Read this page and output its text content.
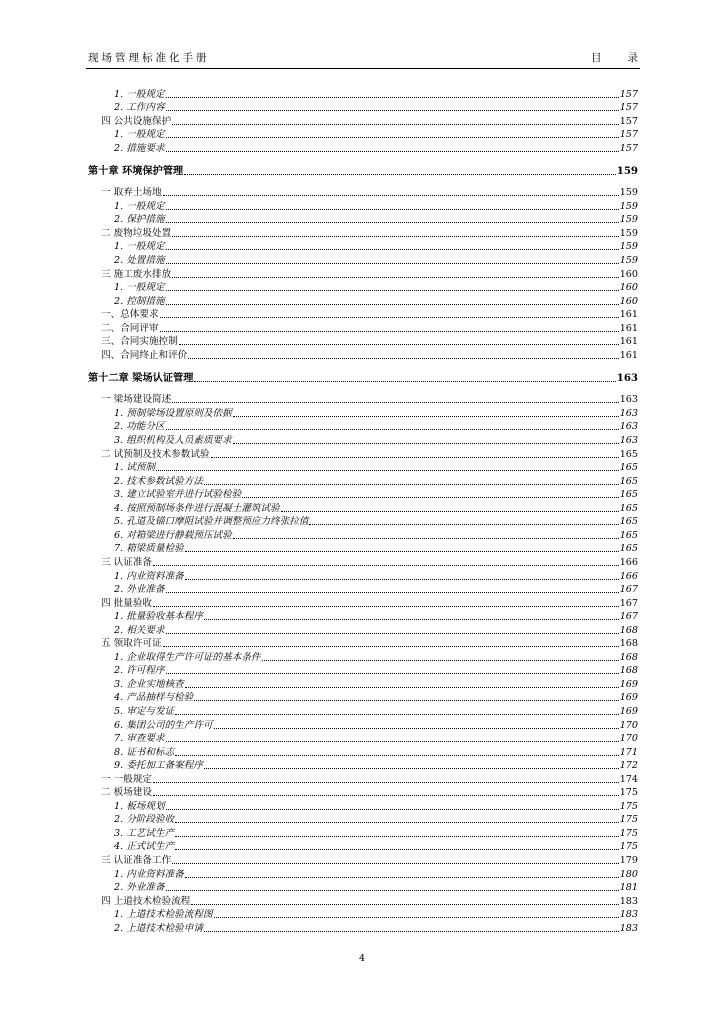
现场管理标准化手册	目 录
1. 一般规定	157
2. 工作内容	157
四 公共设施保护	157
1. 一般规定	157
2. 措施要求	157
第十章 环境保护管理	159
一 取弃土场地	159
1. 一般规定	159
2. 保护措施	159
二 废物垃圾处置	159
1. 一般规定	159
2. 处置措施	159
三 施工废水排放	160
1. 一般规定	160
2. 控制措施	160
一、总体要求	161
二、合同评审	161
三、合同实施控制	161
四、合同终止和评价	161
第十二章 梁场认证管理	163
一 梁场建设简述	163
1. 预制梁场设置原则及依据	163
2. 功能分区	163
3. 组织机构及人员素质要求	163
二 试预制及技术参数试验	165
1. 试预制	165
2. 技术参数试验方法	165
3. 建立试验室并进行试验检验	165
4. 按照预制场条件进行混凝土灌筑试验	165
5. 孔道及锚口摩阻试验并调整预应力终张拉值	165
6. 对箱梁进行静载预压试验	165
7. 箱梁质量检验	165
三 认证准备	166
1. 内业资料准备	166
2. 外业准备	167
四 批量验收	167
1. 批量验收基本程序	167
2. 相关要求	168
五 领取许可证	168
1. 企业取得生产许可证的基本条件	168
2. 许可程序	168
3. 企业实地核查	169
4. 产品抽样与检验	169
5. 审定与发证	169
6. 集团公司的生产许可	170
7. 审查要求	170
8. 证书和标志	171
9. 委托加工备案程序	172
一 一般规定	174
二 板场建设	175
1. 板场规划	175
2. 分阶段验收	175
3. 工艺试生产	175
4. 正式试生产	175
三 认证准备工作	179
1. 内业资料准备	180
2. 外业准备	181
四 上道技术检验流程	183
1. 上道技术检验流程图	183
2. 上道技术检验申请	183
4
